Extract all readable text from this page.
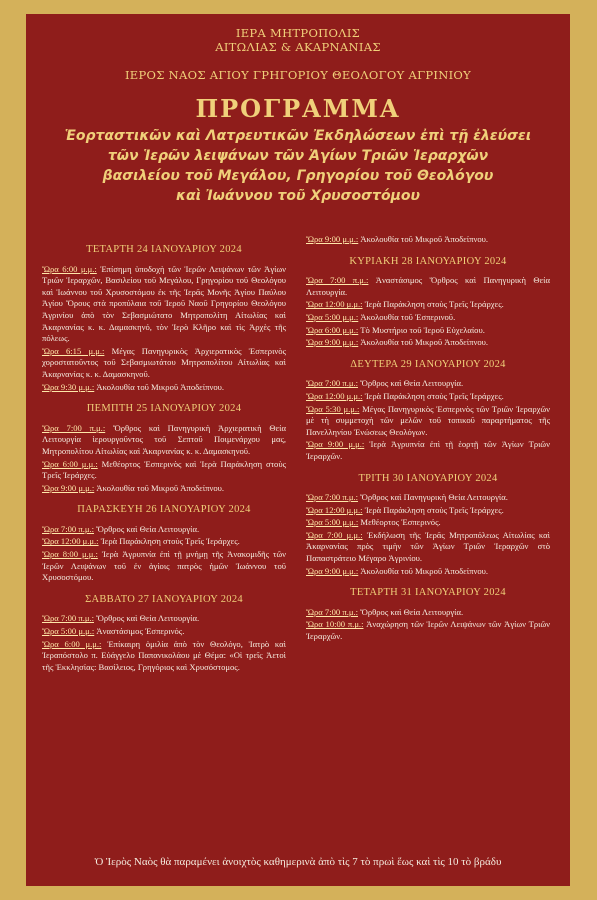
ΙΕΡΑ ΜΗΤΡΟΠΟΛΙΣ
ΑΙΤΩΛΙΑΣ & ΑΚΑΡΝΑΝΙΑΣ
ΙΕΡΟΣ ΝΑΟΣ ΑΓΙΟΥ ΓΡΗΓΟΡΙΟΥ ΘΕΟΛΟΓΟΥ ΑΓΡΙΝΙΟΥ
ΠΡΟΓΡΑΜΜΑ
Ἑορταστικῶν καὶ Λατρευτικῶν Ἐκδηλώσεων ἐπὶ τῇ ἐλεύσει
τῶν Ἱερῶν λειψάνων τῶν Ἁγίων Τριῶν Ἱεραρχῶν
βασιλείου τοῦ Μεγάλου, Γρηγορίου τοῦ Θεολόγου
καὶ Ἰωάννου τοῦ Χρυσοστόμου
ΤΕΤΑΡΤΗ 24 ΙΑΝΟΥΑΡΙΟΥ 2024
Ὥρα 6:00 μ.μ.: Ἐπίσημη ὑποδοχὴ τῶν Ἱερῶν Λειψάνων τῶν Ἁγίων Τριῶν Ἱεραρχῶν, Βασιλείου τοῦ Μεγάλου, Γρηγορίου τοῦ Θεολόγου καὶ Ἰωάννου τοῦ Χρυσοστόμου ἐκ τῆς Ἱερᾶς Μονῆς Ἁγίου Παύλου Ἁγίου Ὄρους στὰ προπύλαια τοῦ Ἱεροῦ Ναοῦ Γρηγορίου Θεολόγου Ἀγρινίου ἀπὸ τὸν Σεβασμιώτατο Μητροπολίτη Αἰτωλίας καὶ Ἀκαρνανίας κ. κ. Δαμασκηνό, τὸν Ἱερὸ Κλῆρο καὶ τὶς Ἀρχὲς τῆς πόλεως.
Ὥρα 6:15 μ.μ.: Μέγας Πανηγυρικὸς Ἀρχιερατικὸς Ἑσπερινὸς χοροστατοῦντος τοῦ Σεβασμιωτάτου Μητροπολίτου Αἰτωλίας καὶ Ἀκαρνανίας κ. κ. Δαμασκηνοῦ.
Ὥρα 9:30 μ.μ.: Ἀκολουθία τοῦ Μικροῦ Ἀποδείπνου.
ΠΕΜΠΤΗ 25 ΙΑΝΟΥΑΡΙΟΥ 2024
Ὥρα 7:00 π.μ.: Ὄρθρος καὶ Πανηγυρικὴ Ἀρχιερατικὴ Θεία Λειτουργία ἱερουργοῦντος τοῦ Σεπτοῦ Ποιμενάρχου μας, Μητροπολίτου Αἰτωλίας καὶ Ἀκαρνανίας κ. κ. Δαμασκηνοῦ.
Ὥρα 6:00 μ.μ.: Μεθέορτος Ἑσπερινὸς καὶ Ἱερὰ Παράκληση στοὺς Τρεῖς Ἱεράρχες.
Ὥρα 9:00 μ.μ.: Ἀκολουθία τοῦ Μικροῦ Ἀποδείπνου.
ΠΑΡΑΣΚΕΥΗ 26 ΙΑΝΟΥΑΡΙΟΥ 2024
Ὥρα 7:00 π.μ.: Ὄρθρος καὶ Θεία Λειτουργία.
Ὥρα 12:00 μ.μ.: Ἱερὰ Παράκληση στοὺς Τρεῖς Ἱεράρχες.
Ὥρα 8:00 μ.μ.: Ἱερὰ Ἀγρυπνία ἐπὶ τῇ μνήμῃ τῆς Ἀνακομιδῆς τῶν Ἱερῶν Λειψάνων τοῦ ἐν ἁγίοις πατρὸς ἡμῶν Ἰωάννου τοῦ Χρυσοστόμου.
ΣΑΒΒΑΤΟ 27 ΙΑΝΟΥΑΡΙΟΥ 2024
Ὥρα 7:00 π.μ.: Ὄρθρος καὶ Θεία Λειτουργία.
Ὥρα 5:00 μ.μ.: Ἀναστάσιμος Ἑσπερινός.
Ὥρα 6:00 μ.μ.: Ἐπίκαιρη ὁμιλία ἀπὸ τὸν Θεολόγο, Ἰατρὸ καὶ Ἱεραπόστολο π. Εὐάγγελο Παπανικολάου μὲ Θέμα: «Οἱ τρεῖς Ἀετοὶ τῆς Ἐκκλησίας: Βασίλειος, Γρηγόριος καὶ Χρυσόστομος.
Ὥρα 9:00 μ.μ.: Ἀκολουθία τοῦ Μικροῦ Ἀποδείπνου.
ΚΥΡΙΑΚΗ 28 ΙΑΝΟΥΑΡΙΟΥ 2024
Ὥρα 7:00 π.μ.: Ἀναστάσιμος Ὄρθρος καὶ Πανηγυρικὴ Θεία Λειτουργία.
Ὥρα 12:00 μ.μ.: Ἱερὰ Παράκληση στοὺς Τρεῖς Ἱεράρχες.
Ὥρα 5:00 μ.μ.: Ἀκολουθία τοῦ Ἑσπερινοῦ.
Ὥρα 6:00 μ.μ.: Τὸ Μυστήριο τοῦ Ἱεροῦ Εὐχελαίου.
Ὥρα 9:00 μ.μ.: Ἀκολουθία τοῦ Μικροῦ Ἀποδείπνου.
ΔΕΥΤΕΡΑ 29 ΙΑΝΟΥΑΡΙΟΥ 2024
Ὥρα 7:00 π.μ.: Ὄρθρος καὶ Θεία Λειτουργία.
Ὥρα 12:00 μ.μ.: Ἱερὰ Παράκληση στοὺς Τρεῖς Ἱεράρχες.
Ὥρα 5:30 μ.μ.: Μέγας Πανηγυρικὸς Ἑσπερινὸς τῶν Τριῶν Ἱεραρχῶν μὲ τὴ συμμετοχὴ τῶν μελῶν τοῦ τοπικοῦ παραρτήματος τῆς Πανελληνίου Ἑνώσεως Θεολόγων.
Ὥρα 9:00 μ.μ.: Ἱερὰ Ἀγρυπνία ἐπὶ τῇ ἑορτῇ τῶν Ἁγίων Τριῶν Ἱεραρχῶν.
ΤΡΙΤΗ 30 ΙΑΝΟΥΑΡΙΟΥ 2024
Ὥρα 7:00 π.μ.: Ὄρθρος καὶ Πανηγυρικὴ Θεία Λειτουργία.
Ὥρα 12:00 μ.μ.: Ἱερὰ Παράκληση στοὺς Τρεῖς Ἱεράρχες.
Ὥρα 5:00 μ.μ.: Μεθέορτος Ἑσπερινός.
Ὥρα 7:00 μ.μ.: Ἐκδήλωση τῆς Ἱερᾶς Μητροπόλεως Αἰτωλίας καὶ Ἀκαρνανίας πρὸς τιμὴν τῶν Ἁγίων Τριῶν Ἱεραρχῶν στὸ Παπαστράτειο Μέγαρο Ἀγρινίου.
Ὥρα 9:00 μ.μ.: Ἀκολουθία τοῦ Μικροῦ Ἀποδείπνου.
ΤΕΤΑΡΤΗ 31 ΙΑΝΟΥΑΡΙΟΥ 2024
Ὥρα 7:00 π.μ.: Ὄρθρος καὶ Θεία Λειτουργία.
Ὥρα 10:00 π.μ.: Ἀναχώρηση τῶν Ἱερῶν Λειψάνων τῶν Ἁγίων Τριῶν Ἱεραρχῶν.
Ὁ Ἱερὸς Ναὸς θὰ παραμένει ἀνοιχτὸς καθημερινὰ ἀπὸ τὶς 7 τὸ πρωὶ ἕως καὶ τὶς 10 τὸ βράδυ
